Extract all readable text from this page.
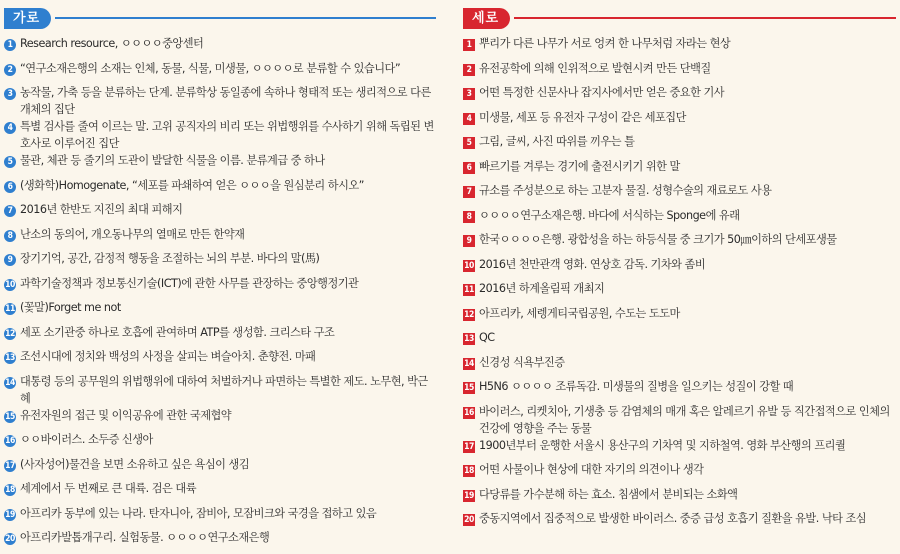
가로
1 Research resource, ㅇㅇㅇㅇ중앙센터
2 “연구소재은행의 소재는 인체, 동물, 식물, 미생물, ㅇㅇㅇㅇ로 분류할 수 있습니다”
3 농작물, 가축 등을 분류하는 단계. 분류학상 동일종에 속하나 형태적 또는 생리적으로 다른 개체의 집단
4 특별 검사를 줄여 이르는 말. 고위 공직자의 비리 또는 위법행위를 수사하기 위해 독립된 변호사로 이루어진 집단
5 물관, 체관 등 줄기의 도관이 발달한 식물을 이름. 분류계급 중 하나
6 (생화학)Homogenate, “세포를 파쇄하여 얻은 ㅇㅇㅇ을 원심분리 하시오”
7 2016년 한반도 지진의 최대 피해지
8 난소의 동의어, 개오동나무의 열매로 만든 한약재
9 장기기억, 공간, 감정적 행동을 조절하는 뇌의 부분. 바다의 말(馬)
10 과학기술정책과 정보통신기술(ICT)에 관한 사무를 관장하는 중앙행정기관
11 (꽃말)Forget me not
12 세포 소기관중 하나로 호흡에 관여하며 ATP를 생성함. 크리스타 구조
13 조선시대에 정치와 백성의 사정을 살피는 벼슬아치. 춘향전. 마패
14 대통령 등의 공무원의 위법행위에 대하여 처벌하거나 파면하는 특별한 제도. 노무현, 박근혜
15 유전자원의 접근 및 이익공유에 관한 국제협약
16 ㅇㅇ바이러스. 소두증 신생아
17 (사자성어)물건을 보면 소유하고 싶은 욕심이 생김
18 세계에서 두 번째로 큰 대륙. 검은 대륙
19 아프리카 동부에 있는 나라. 탄자니아, 잠비아, 모잠비크와 국경을 접하고 있음
20 아프리카발톱개구리. 실험동물. ㅇㅇㅇㅇ연구소재은행
세로
1 뿌리가 다른 나무가 서로 엉켜 한 나무처럼 자라는 현상
2 유전공학에 의해 인위적으로 발현시켜 만든 단백질
3 어떤 특정한 신문사나 잡지사에서만 얻은 중요한 기사
4 미생물, 세포 등 유전자 구성이 같은 세포집단
5 그림, 글씨, 사진 따위를 끼우는 틀
6 빠르기를 겨루는 경기에 출전시키기 위한 말
7 규소를 주성분으로 하는 고분자 물질. 성형수술의 재료로도 사용
8 ㅇㅇㅇㅇ연구소재은행. 바다에 서식하는 Sponge에 유래
9 한국ㅇㅇㅇㅇ은행. 광합성을 하는 하등식물 중 크기가 50㎛이하의 단세포생물
10 2016년 천만관객 영화. 연상호 감독. 기차와 좀비
11 2016년 하계올림픽 개최지
12 아프리카, 세렝게티국립공원, 수도는 도도마
13 QC
14 신경성 식욕부진증
15 H5N6 ㅇㅇㅇㅇ 조류독감. 미생물의 질병을 일으키는 성질이 강할 때
16 바이러스, 리켓치아, 기생충 등 감염체의 매개 혹은 알레르기 유발 등 직간접적으로 인체의 건강에 영향을 주는 동물
17 1900년부터 운행한 서울시 용산구의 기차역 및 지하철역. 영화 부산행의 프리퀄
18 어떤 사물이나 현상에 대한 자기의 의견이나 생각
19 다당류를 가수분해 하는 효소. 침샘에서 분비되는 소화액
20 중동지역에서 집중적으로 발생한 바이러스. 중증 급성 호흡기 질환을 유발. 낙타 조심
